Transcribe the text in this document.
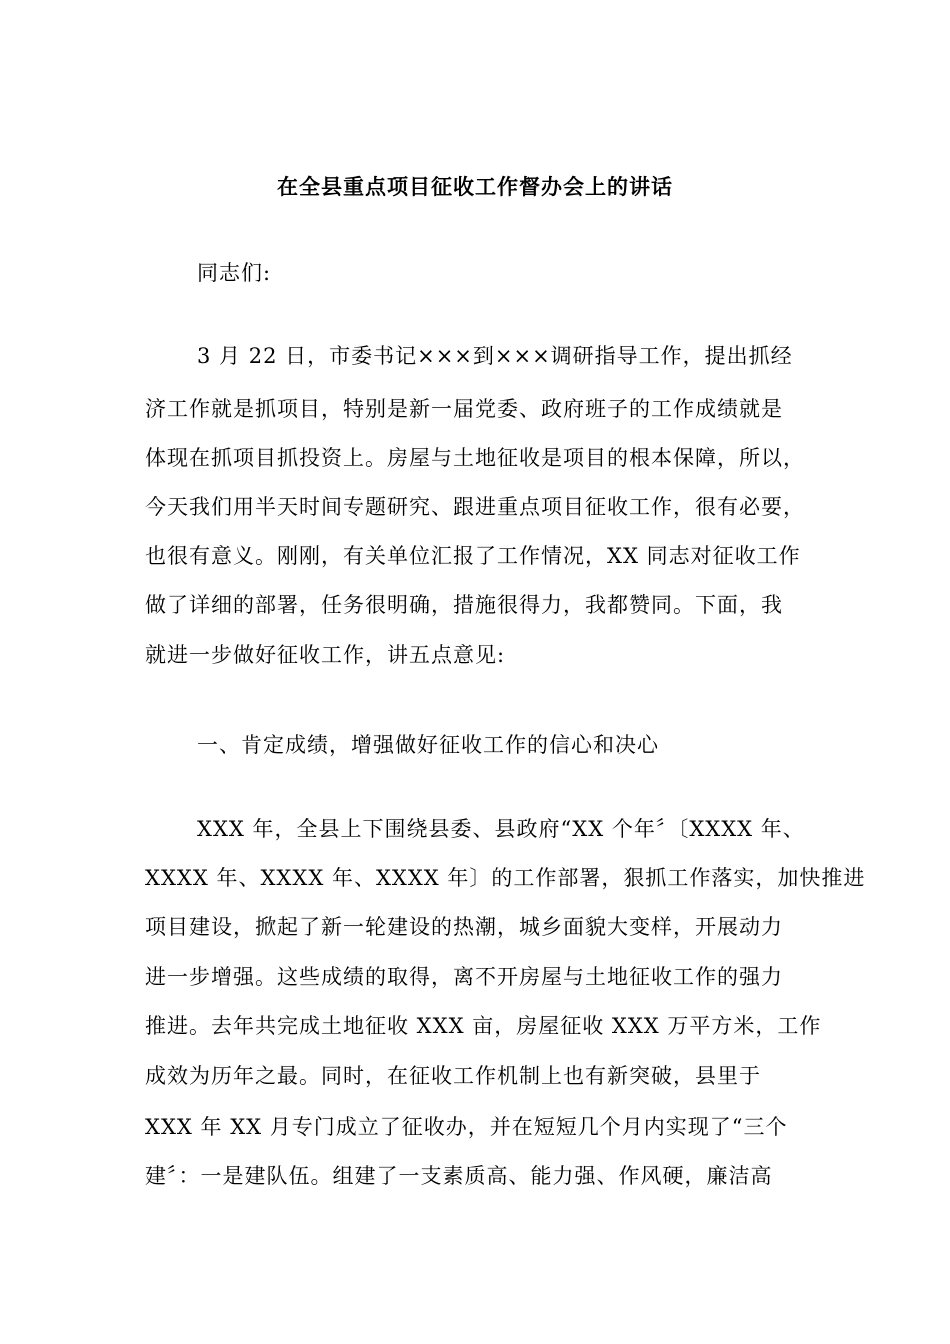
在全县重点项目征收工作督办会上的讲话
同志们:
3 月 22 日，市委书记×××到×××调研指导工作，提出抓经
济工作就是抓项目，特别是新一届党委、政府班子的工作成绩就是
体现在抓项目抓投资上。房屋与土地征收是项目的根本保障，所以，
今天我们用半天时间专题研究、跟进重点项目征收工作，很有必要，
也很有意义。刚刚，有关单位汇报了工作情况，XX 同志对征收工作
做了详细的部署，任务很明确，措施很得力，我都赞同。下面，我
就进一步做好征收工作，讲五点意见:
一、肯定成绩，增强做好征收工作的信心和决心
XXX 年，全县上下围绕县委、县政府“XX 个年〞〔XXXX 年、
XXXX 年、XXXX 年、XXXX 年〕的工作部署，狠抓工作落实，加快推进
项目建设，掀起了新一轮建设的热潮，城乡面貌大变样，开展动力
进一步增强。这些成绩的取得，离不开房屋与土地征收工作的强力
推进。去年共完成土地征收 XXX 亩，房屋征收 XXX 万平方米，工作
成效为历年之最。同时，在征收工作机制上也有新突破，县里于
XXX 年 XX 月专门成立了征收办，并在短短几个月内实现了“三个
建〞：一是建队伍。组建了一支素质高、能力强、作风硬，廉洁高
